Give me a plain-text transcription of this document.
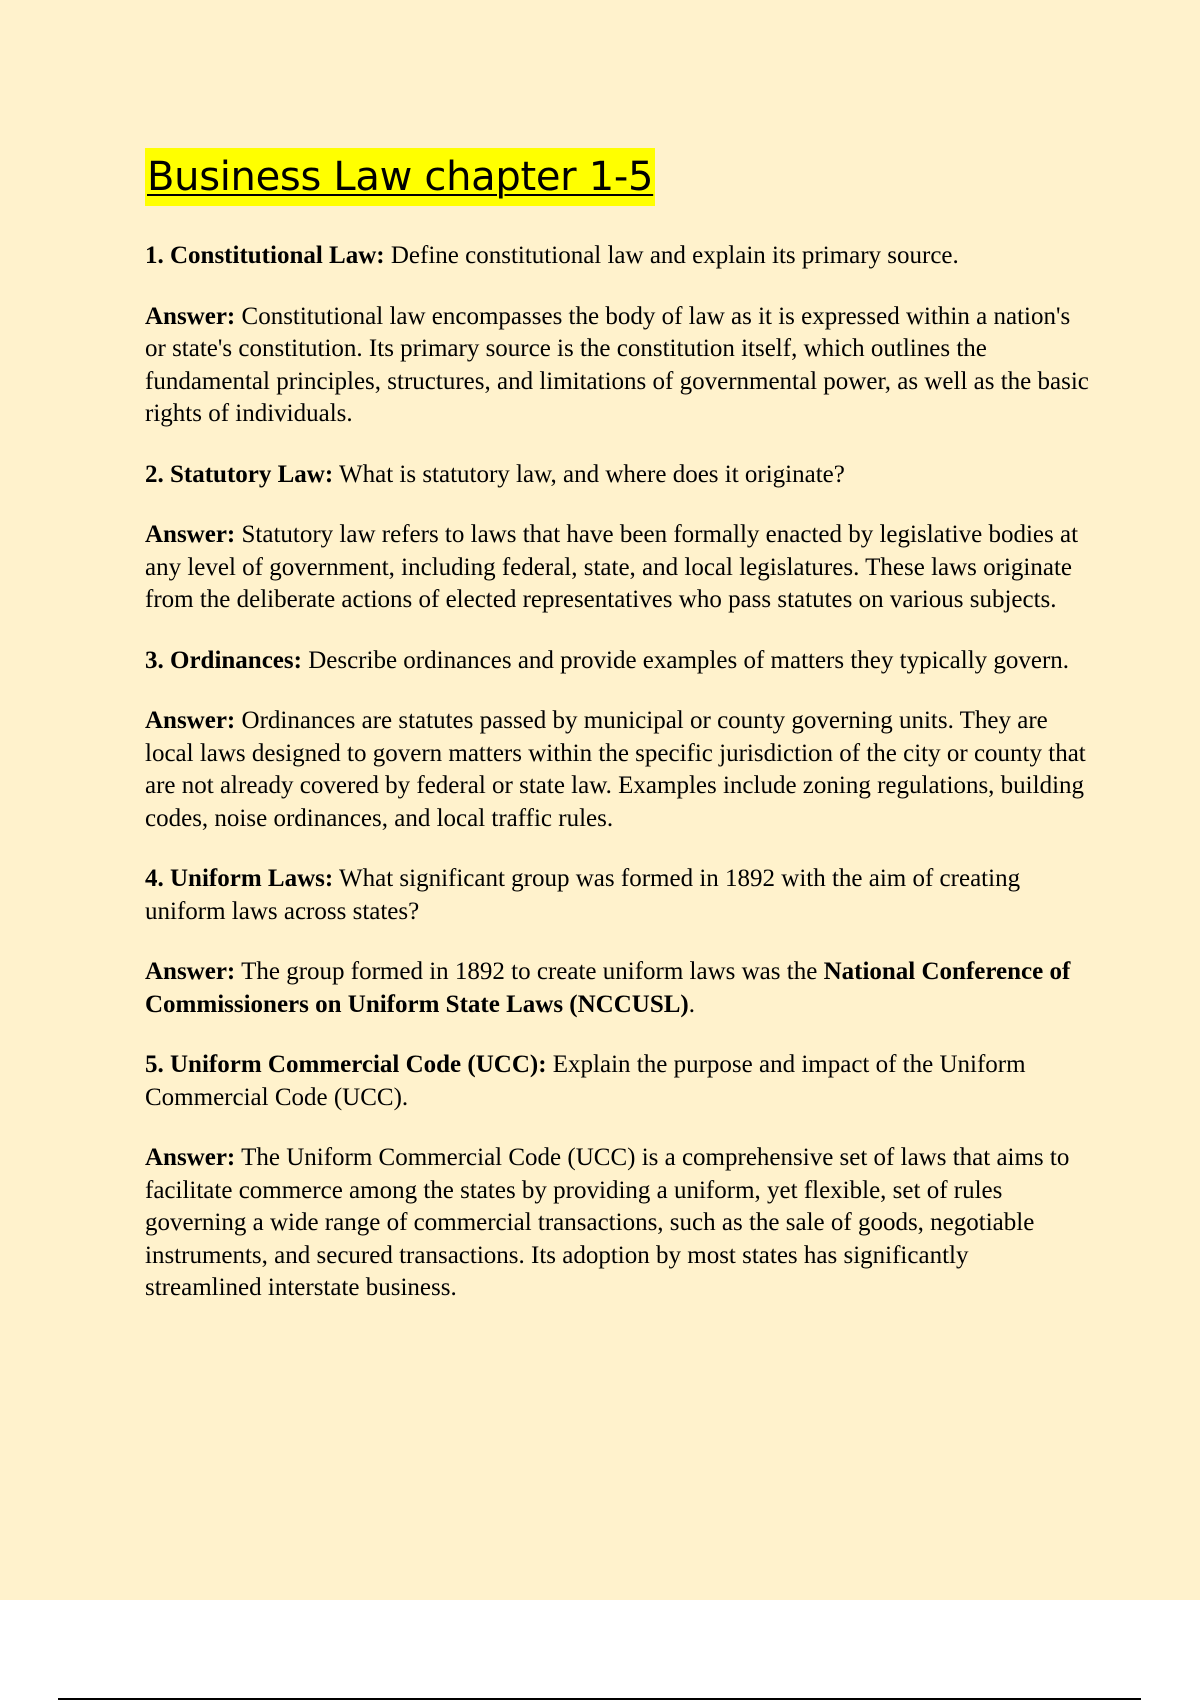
Business Law chapter 1-5

1. Constitutional Law: Define constitutional law and explain its primary source.

Answer: Constitutional law encompasses the body of law as it is expressed within a nation's or state's constitution. Its primary source is the constitution itself, which outlines the fundamental principles, structures, and limitations of governmental power, as well as the basic rights of individuals.

2. Statutory Law: What is statutory law, and where does it originate?

Answer: Statutory law refers to laws that have been formally enacted by legislative bodies at any level of government, including federal, state, and local legislatures. These laws originate from the deliberate actions of elected representatives who pass statutes on various subjects.

3. Ordinances: Describe ordinances and provide examples of matters they typically govern.

Answer: Ordinances are statutes passed by municipal or county governing units. They are local laws designed to govern matters within the specific jurisdiction of the city or county that are not already covered by federal or state law. Examples include zoning regulations, building codes, noise ordinances, and local traffic rules.

4. Uniform Laws: What significant group was formed in 1892 with the aim of creating uniform laws across states?

Answer: The group formed in 1892 to create uniform laws was the National Conference of Commissioners on Uniform State Laws (NCCUSL).

5. Uniform Commercial Code (UCC): Explain the purpose and impact of the Uniform Commercial Code (UCC).

Answer: The Uniform Commercial Code (UCC) is a comprehensive set of laws that aims to facilitate commerce among the states by providing a uniform, yet flexible, set of rules governing a wide range of commercial transactions, such as the sale of goods, negotiable instruments, and secured transactions. Its adoption by most states has significantly streamlined interstate business.
